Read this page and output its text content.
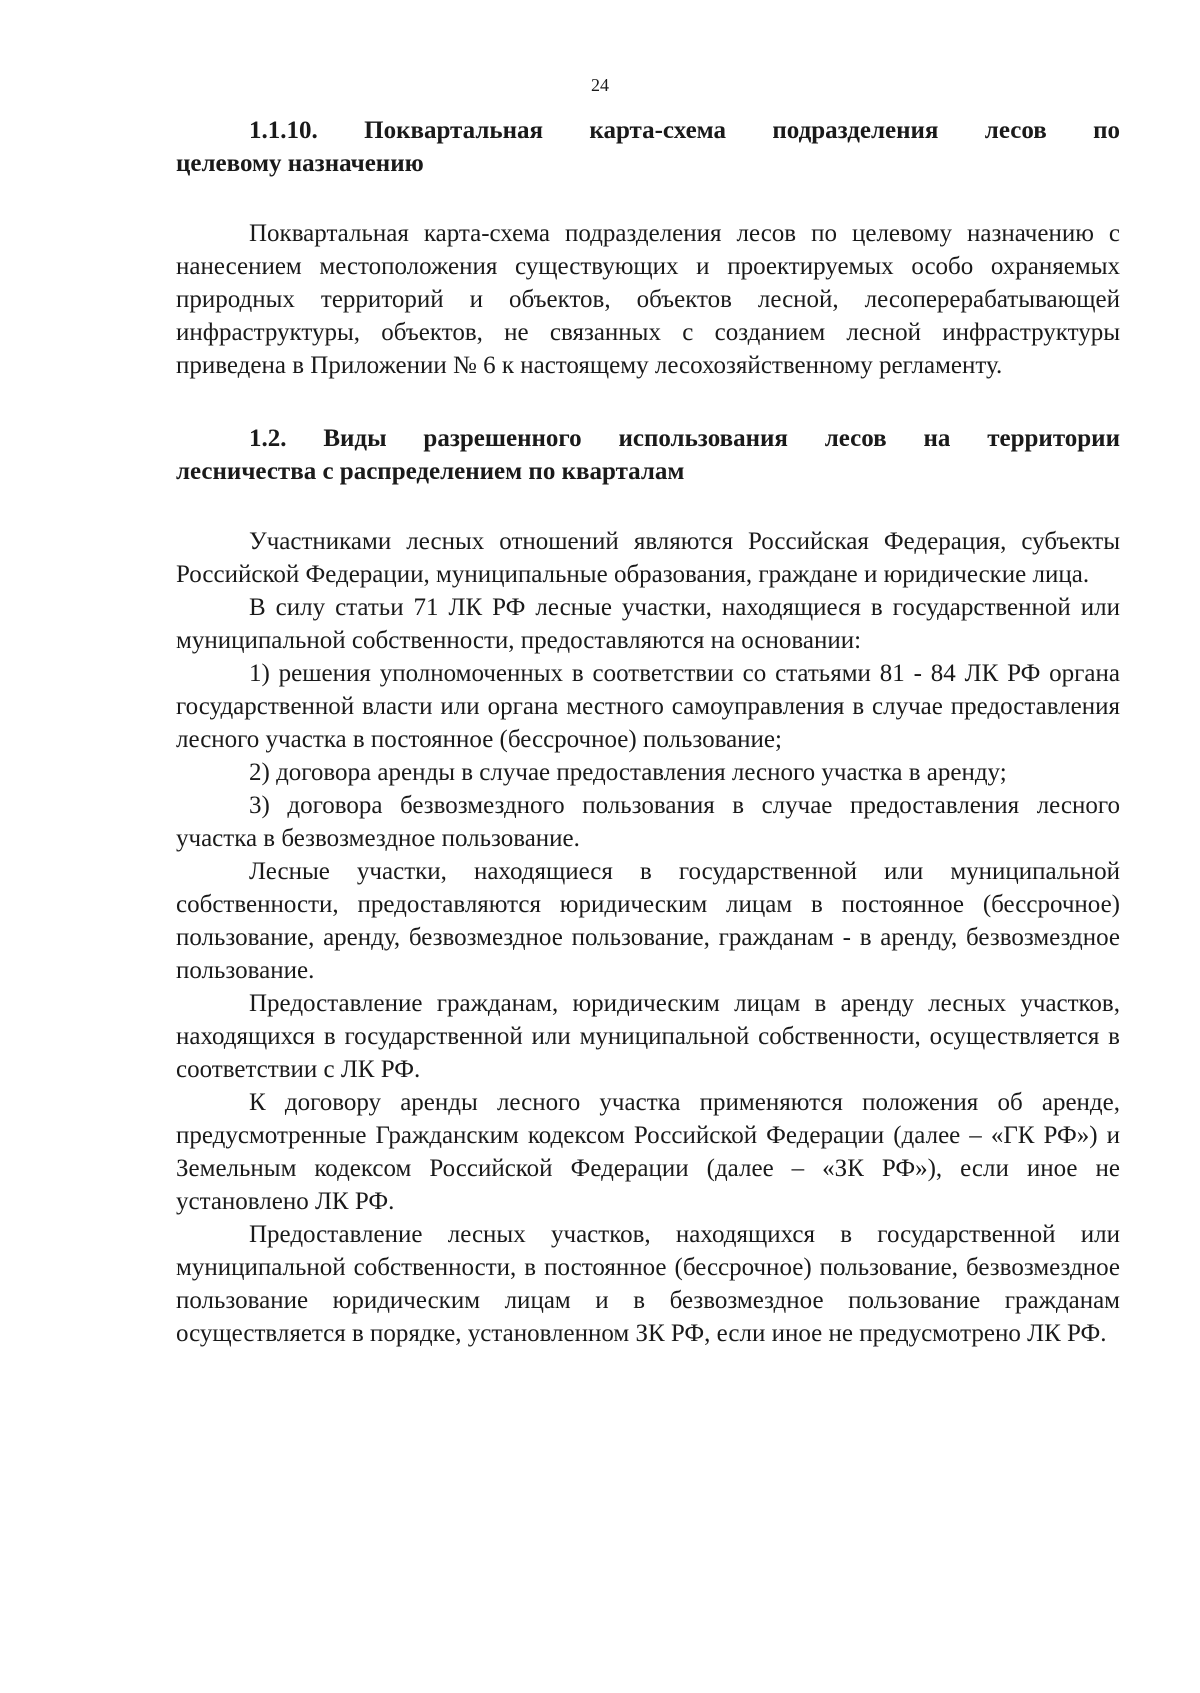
24
1.1.10. Поквартальная карта-схема подразделения лесов по
целевому назначению

Поквартальная карта-схема подразделения лесов по целевому назначению с нанесением местоположения существующих и проектируемых особо охраняемых природных территорий и объектов, объектов лесной, лесоперерабатывающей инфраструктуры, объектов, не связанных с созданием лесной инфраструктуры приведена в Приложении № 6 к настоящему лесохозяйственному регламенту.

1.2. Виды разрешенного использования лесов на территории
лесничества с распределением по кварталам

Участниками лесных отношений являются Российская Федерация, субъекты Российской Федерации, муниципальные образования, граждане и юридические лица.

В силу статьи 71 ЛК РФ лесные участки, находящиеся в государственной или муниципальной собственности, предоставляются на основании:

1) решения уполномоченных в соответствии со статьями 81 - 84 ЛК РФ органа государственной власти или органа местного самоуправления в случае предоставления лесного участка в постоянное (бессрочное) пользование;

2) договора аренды в случае предоставления лесного участка в аренду;

3) договора безвозмездного пользования в случае предоставления лесного участка в безвозмездное пользование.

Лесные участки, находящиеся в государственной или муниципальной собственности, предоставляются юридическим лицам в постоянное (бессрочное) пользование, аренду, безвозмездное пользование, гражданам - в аренду, безвозмездное пользование.

Предоставление гражданам, юридическим лицам в аренду лесных участков, находящихся в государственной или муниципальной собственности, осуществляется в соответствии с ЛК РФ.

К договору аренды лесного участка применяются положения об аренде, предусмотренные Гражданским кодексом Российской Федерации (далее – «ГК РФ») и Земельным кодексом Российской Федерации (далее – «ЗК РФ»), если иное не установлено ЛК РФ.

Предоставление лесных участков, находящихся в государственной или муниципальной собственности, в постоянное (бессрочное) пользование, безвозмездное пользование юридическим лицам и в безвозмездное пользование гражданам осуществляется в порядке, установленном ЗК РФ, если иное не предусмотрено ЛК РФ.
